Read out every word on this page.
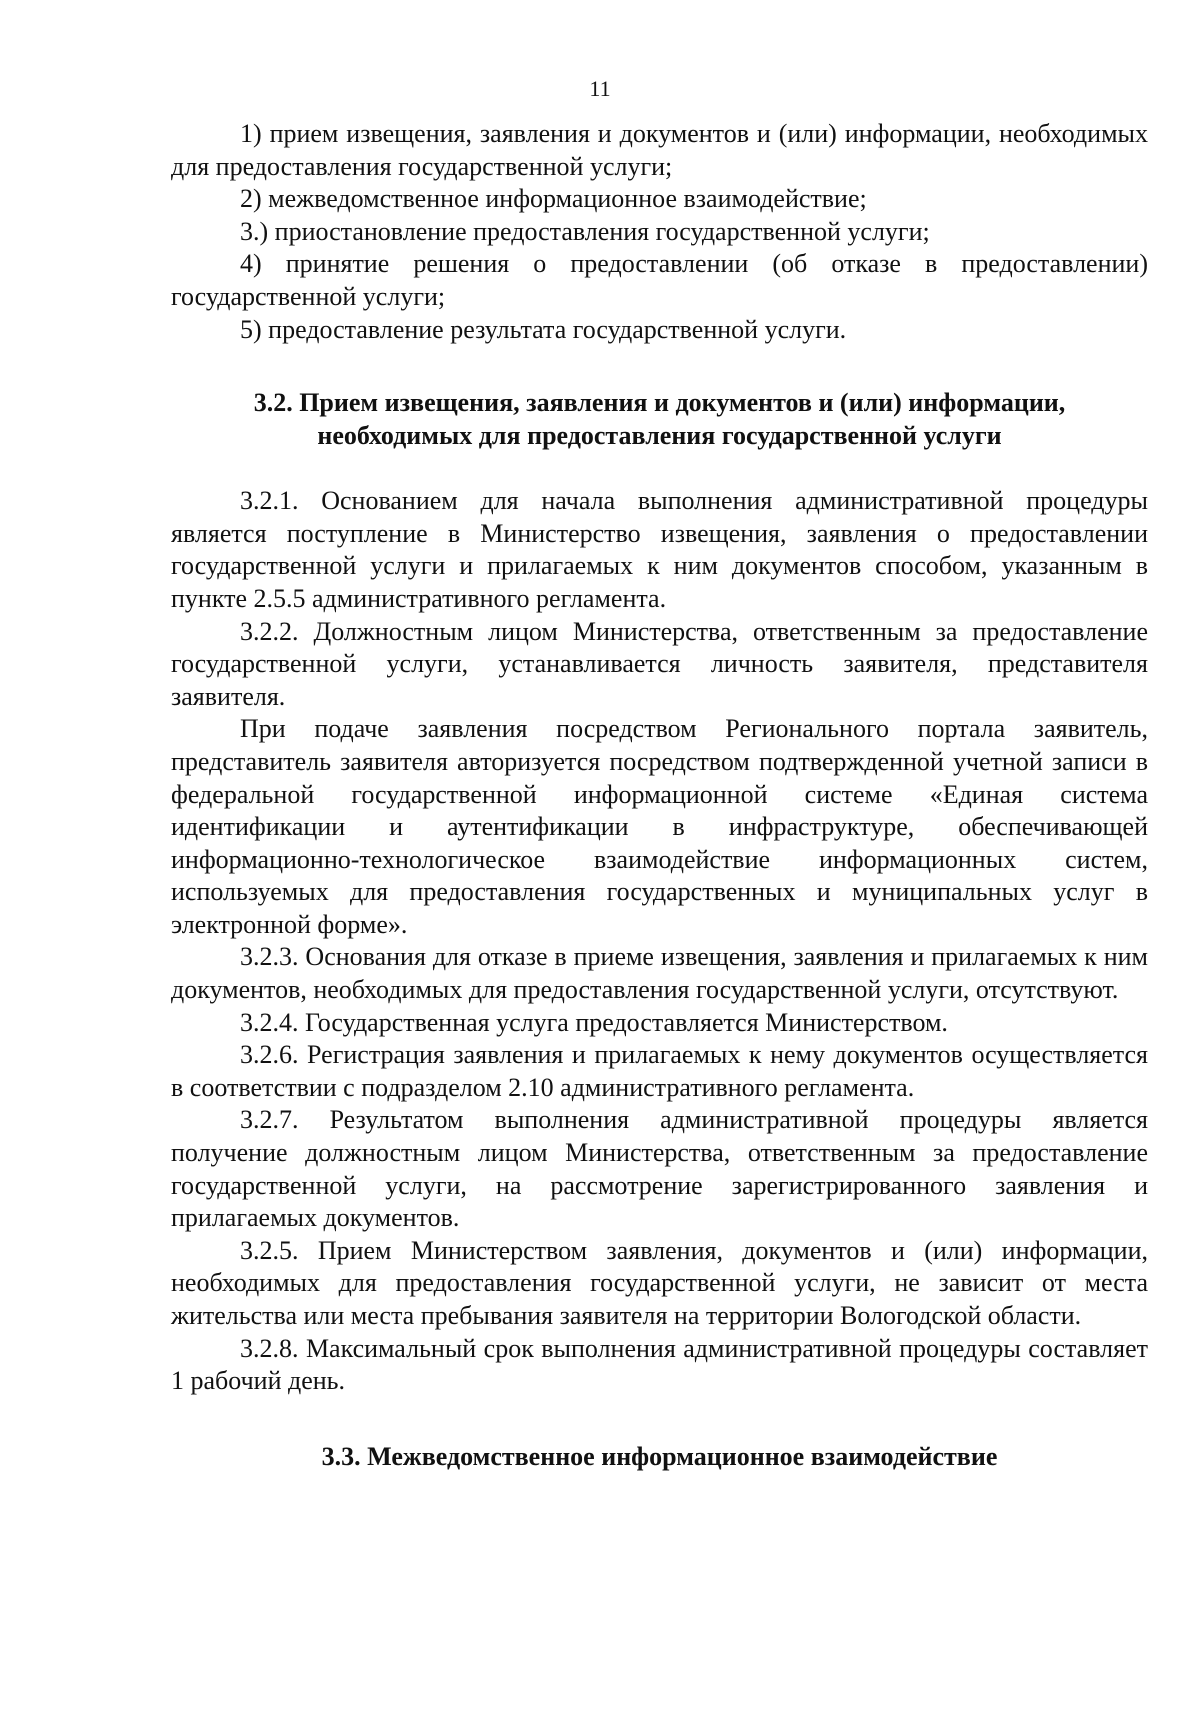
11

1) прием извещения, заявления и документов и (или) информации, необходимых для предоставления государственной услуги;

2) межведомственное информационное взаимодействие;

3.) приостановление предоставления государственной услуги;

4) принятие решения о предоставлении (об отказе в предоставлении) государственной услуги;

5) предоставление результата государственной услуги.

3.2. Прием извещения, заявления и документов и (или) информации,
необходимых для предоставления государственной услуги

3.2.1. Основанием для начала выполнения административной процедуры является поступление в Министерство извещения, заявления о предоставлении государственной услуги и прилагаемых к ним документов способом, указанным в пункте 2.5.5 административного регламента.

3.2.2. Должностным лицом Министерства, ответственным за предоставление государственной услуги, устанавливается личность заявителя, представителя заявителя.

При подаче заявления посредством Регионального портала заявитель, представитель заявителя авторизуется посредством подтвержденной учетной записи в федеральной государственной информационной системе «Единая система идентификации и аутентификации в инфраструктуре, обеспечивающей информационно-технологическое взаимодействие информационных систем, используемых для предоставления государственных и муниципальных услуг в электронной форме».

3.2.3. Основания для отказе в приеме извещения, заявления и прилагаемых к ним документов, необходимых для предоставления государственной услуги, отсутствуют.

3.2.4. Государственная услуга предоставляется Министерством.

3.2.6. Регистрация заявления и прилагаемых к нему документов осуществляется в соответствии с подразделом 2.10 административного регламента.

3.2.7. Результатом выполнения административной процедуры является получение должностным лицом Министерства, ответственным за предоставление государственной услуги, на рассмотрение зарегистрированного заявления и прилагаемых документов.

3.2.5. Прием Министерством заявления, документов и (или) информации, необходимых для предоставления государственной услуги, не зависит от места жительства или места пребывания заявителя на территории Вологодской области.

3.2.8. Максимальный срок выполнения административной процедуры составляет 1 рабочий день.

3.3. Межведомственное информационное взаимодействие
